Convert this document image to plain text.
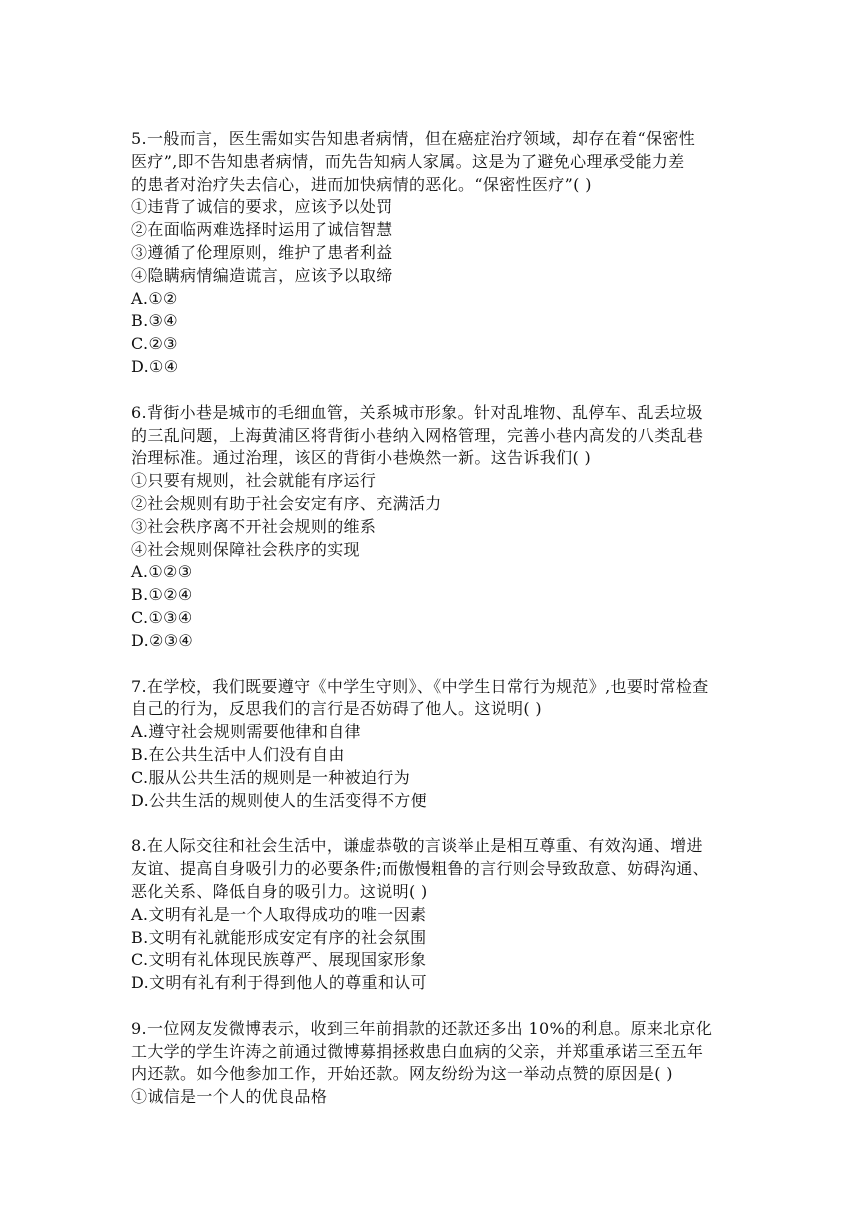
5.一般而言，医生需如实告知患者病情，但在癌症治疗领域，却存在着“保密性
医疗”,即不告知患者病情，而先告知病人家属。这是为了避免心理承受能力差
的患者对治疗失去信心，进而加快病情的恶化。“保密性医疗”( )
①违背了诚信的要求，应该予以处罚
②在面临两难选择时运用了诚信智慧
③遵循了伦理原则，维护了患者利益
④隐瞒病情编造谎言，应该予以取缔
A.①②
B.③④
C.②③
D.①④
6.背街小巷是城市的毛细血管，关系城市形象。针对乱堆物、乱停车、乱丢垃圾
的三乱问题，上海黄浦区将背街小巷纳入网格管理，完善小巷内高发的八类乱巷
治理标准。通过治理，该区的背街小巷焕然一新。这告诉我们( )
①只要有规则，社会就能有序运行
②社会规则有助于社会安定有序、充满活力
③社会秩序离不开社会规则的维系
④社会规则保障社会秩序的实现
A.①②③
B.①②④
C.①③④
D.②③④
7.在学校，我们既要遵守《中学生守则》、《中学生日常行为规范》,也要时常检查
自己的行为，反思我们的言行是否妨碍了他人。这说明( )
A.遵守社会规则需要他律和自律
B.在公共生活中人们没有自由
C.服从公共生活的规则是一种被迫行为
D.公共生活的规则使人的生活变得不方便
8.在人际交往和社会生活中，谦虚恭敬的言谈举止是相互尊重、有效沟通、增进
友谊、提高自身吸引力的必要条件;而傲慢粗鲁的言行则会导致敌意、妨碍沟通、
恶化关系、降低自身的吸引力。这说明( )
A.文明有礼是一个人取得成功的唯一因素
B.文明有礼就能形成安定有序的社会氛围
C.文明有礼体现民族尊严、展现国家形象
D.文明有礼有利于得到他人的尊重和认可
9.一位网友发微博表示，收到三年前捐款的还款还多出 10%的利息。原来北京化
工大学的学生许涛之前通过微博募捐拯救患白血病的父亲，并郑重承诺三至五年
内还款。如今他参加工作，开始还款。网友纷纷为这一举动点赞的原因是( )
①诚信是一个人的优良品格
